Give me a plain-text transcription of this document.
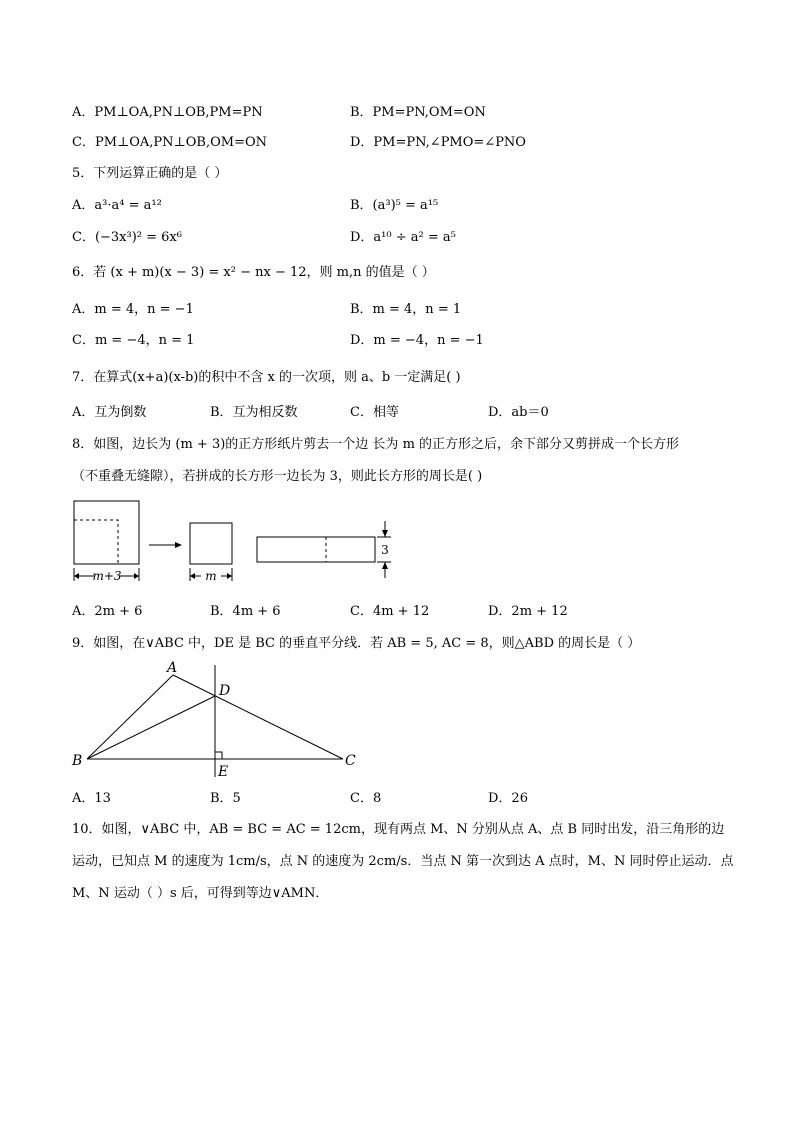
A．PM⊥OA,PN⊥OB,PM=PN	B．PM=PN,OM=ON
C．PM⊥OA,PN⊥OB,OM=ON	D．PM=PN,∠PMO=∠PNO
5．下列运算正确的是（ ）
A．a³·a⁴ = a¹²	B．(a³)⁵ = a¹⁵
C．(−3x³)² = 6x⁶	D．a¹⁰ ÷ a² = a⁵
6．若 (x + m)(x − 3) = x² − nx − 12，则 m,n 的值是（ ）
A．m = 4，n = −1	B．m = 4，n = 1
C．m = −4，n = 1	D．m = −4，n = −1
7．在算式(x+a)(x-b)的积中不含 x 的一次项，则 a、b 一定满足( )
A．互为倒数	B．互为相反数	C．相等	D．ab＝0
8．如图，边长为 (m + 3)的正方形纸片剪去一个边 长为 m 的正方形之后，余下部分又剪拼成一个长方形
（不重叠无缝隙），若拼成的长方形一边长为 3，则此长方形的周长是( )
m+3	m
3
A．2m + 6	B．4m + 6	C．4m + 12	D．2m + 12
9．如图，在∨ABC 中，DE 是 BC 的垂直平分线．若 AB = 5, AC = 8，则△ABD 的周长是（ ）
A
B	C
D
E
A．13	B．5	C．8	D．26
10．如图，∨ABC 中，AB = BC = AC = 12cm，现有两点 M、N 分别从点 A、点 B 同时出发，沿三角形的边
运动，已知点 M 的速度为 1cm/s，点 N 的速度为 2cm/s．当点 N 第一次到达 A 点时，M、N 同时停止运动．点
M、N 运动（ ）s 后，可得到等边∨AMN．
